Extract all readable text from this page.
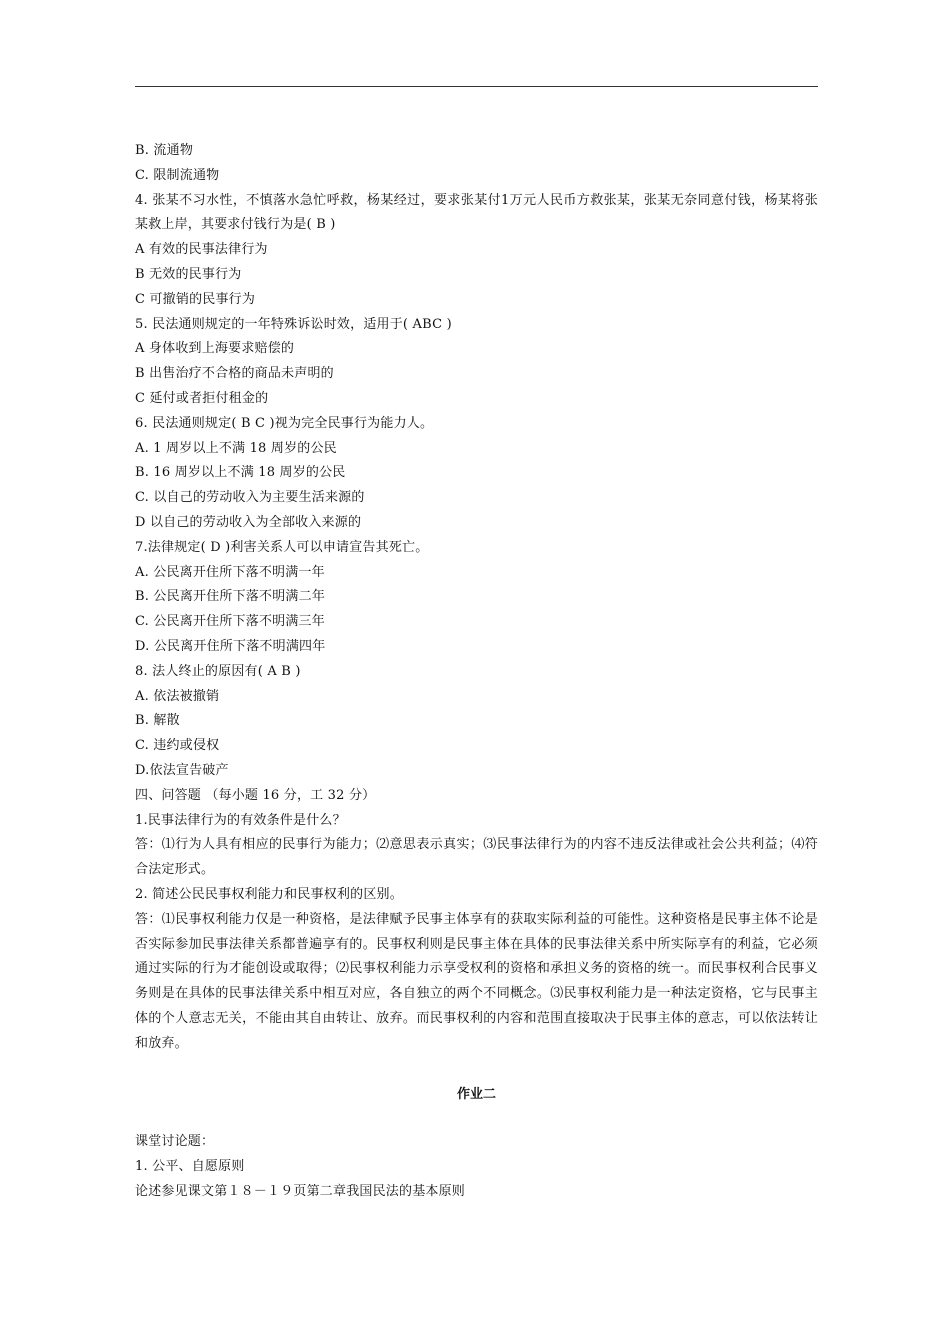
B. 流通物

C. 限制流通物

4. 张某不习水性，不慎落水急忙呼救，杨某经过，要求张某付1万元人民币方救张某，张某无奈同意付钱，杨某将张某救上岸，其要求付钱行为是( B )

A 有效的民事法律行为

B 无效的民事行为

C 可撤销的民事行为

5. 民法通则规定的一年特殊诉讼时效，适用于( ABC )

A 身体收到上海要求赔偿的

B 出售治疗不合格的商品未声明的

C 延付或者拒付租金的

6. 民法通则规定( B C )视为完全民事行为能力人。

A. 1 周岁以上不满 18 周岁的公民

B. 16 周岁以上不满 18 周岁的公民

C. 以自己的劳动收入为主要生活来源的

D 以自己的劳动收入为全部收入来源的

7.法律规定( D )利害关系人可以申请宣告其死亡。

A. 公民离开住所下落不明满一年

B. 公民离开住所下落不明满二年

C. 公民离开住所下落不明满三年

D. 公民离开住所下落不明满四年

8. 法人终止的原因有( A B )

A. 依法被撤销

B. 解散

C. 违约或侵权

D.依法宣告破产

四、问答题 （每小题 16 分，工 32 分）

1.民事法律行为的有效条件是什么？

答：⑴行为人具有相应的民事行为能力；⑵意思表示真实；⑶民事法律行为的内容不违反法律或社会公共利益；⑷符合法定形式。

2. 简述公民民事权利能力和民事权利的区别。

答：⑴民事权利能力仅是一种资格，是法律赋予民事主体享有的获取实际利益的可能性。这种资格是民事主体不论是否实际参加民事法律关系都普遍享有的。民事权利则是民事主体在具体的民事法律关系中所实际享有的利益，它必须通过实际的行为才能创设或取得；⑵民事权利能力示享受权利的资格和承担义务的资格的统一。而民事权利合民事义务则是在具体的民事法律关系中相互对应，各自独立的两个不同概念。⑶民事权利能力是一种法定资格，它与民事主体的个人意志无关，不能由其自由转让、放弃。而民事权利的内容和范围直接取决于民事主体的意志，可以依法转让和放弃。

作业二

课堂讨论题：

1. 公平、自愿原则

论述参见课文第１８－１９页第二章我国民法的基本原则
